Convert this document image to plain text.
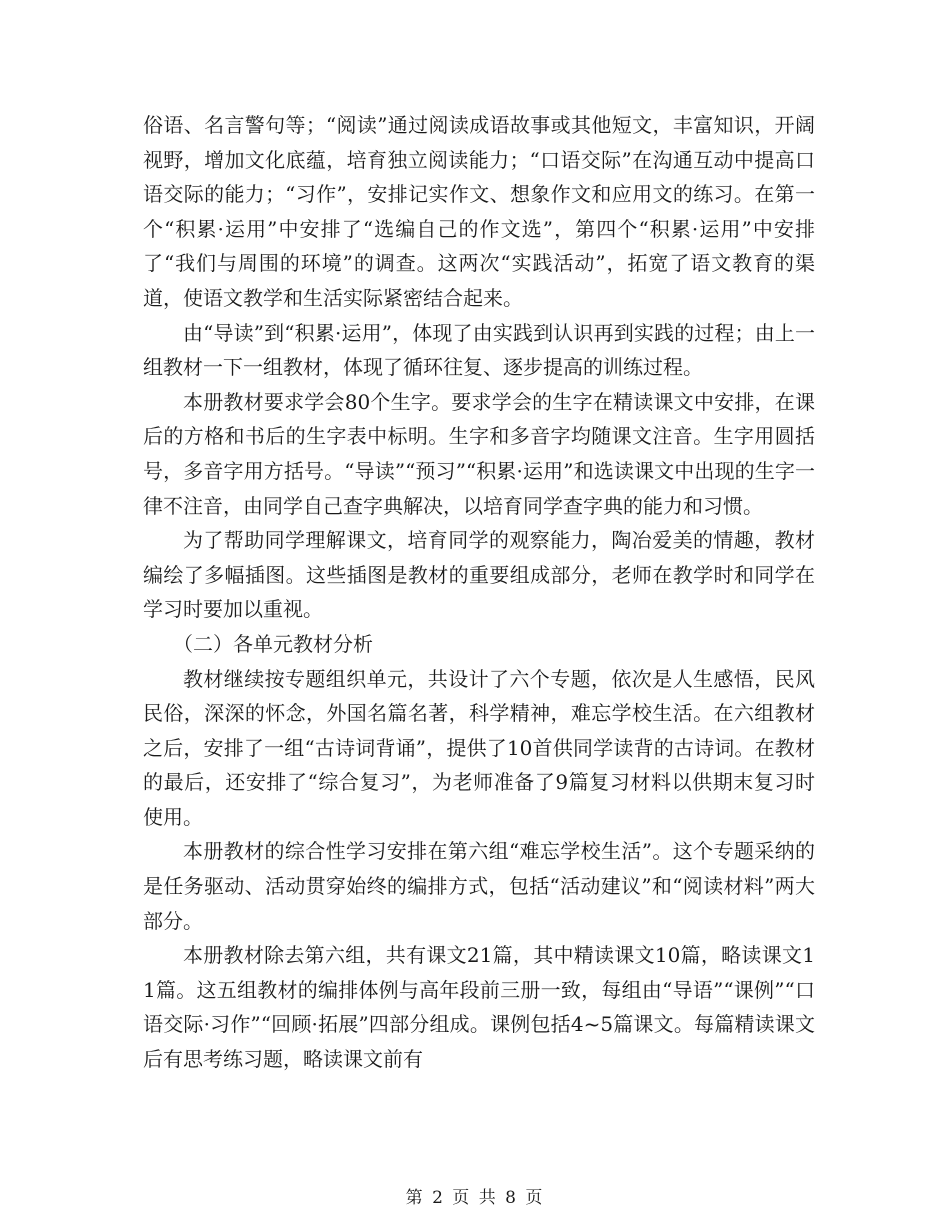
俗语、名言警句等；“阅读”通过阅读成语故事或其他短文，丰富知识，开阔视野，增加文化底蕴，培育独立阅读能力；“口语交际”在沟通互动中提高口语交际的能力；“习作”，安排记实作文、想象作文和应用文的练习。在第一个“积累·运用”中安排了“选编自己的作文选”，第四个“积累·运用”中安排了“我们与周围的环境”的调查。这两次“实践活动”，拓宽了语文教育的渠道，使语文教学和生活实际紧密结合起来。

由“导读”到“积累·运用”，体现了由实践到认识再到实践的过程；由上一组教材一下一组教材，体现了循环往复、逐步提高的训练过程。

本册教材要求学会80个生字。要求学会的生字在精读课文中安排，在课后的方格和书后的生字表中标明。生字和多音字均随课文注音。生字用圆括号，多音字用方括号。“导读”“预习”“积累·运用”和选读课文中出现的生字一律不注音，由同学自己查字典解决，以培育同学查字典的能力和习惯。

为了帮助同学理解课文，培育同学的观察能力，陶冶爱美的情趣，教材编绘了多幅插图。这些插图是教材的重要组成部分，老师在教学时和同学在学习时要加以重视。

（二）各单元教材分析

教材继续按专题组织单元，共设计了六个专题，依次是人生感悟，民风民俗，深深的怀念，外国名篇名著，科学精神，难忘学校生活。在六组教材之后，安排了一组“古诗词背诵”，提供了10首供同学读背的古诗词。在教材的最后，还安排了“综合复习”，为老师准备了9篇复习材料以供期末复习时使用。

本册教材的综合性学习安排在第六组“难忘学校生活”。这个专题采纳的是任务驱动、活动贯穿始终的编排方式，包括“活动建议”和“阅读材料”两大部分。

本册教材除去第六组，共有课文21篇，其中精读课文10篇，略读课文11篇。这五组教材的编排体例与高年段前三册一致，每组由“导语”“课例”“口语交际·习作”“回顾·拓展”四部分组成。课例包括4~5篇课文。每篇精读课文后有思考练习题，略读课文前有

第 2 页 共 8 页
